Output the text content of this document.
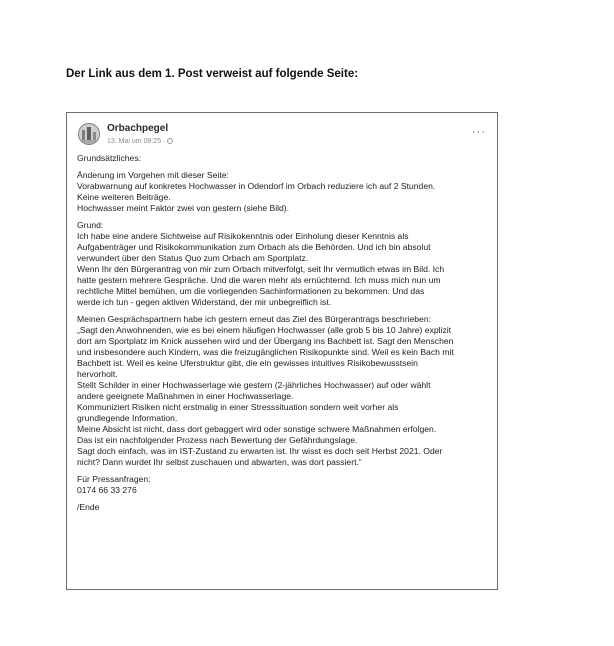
Der Link aus dem 1. Post verweist auf folgende Seite:
Orbachpegel
13. Mai um 08:25 ·
···

Grundsätzliches:

Änderung im Vorgehen mit dieser Seite:
Vorabwarnung auf konkretes Hochwasser in Odendorf im Orbach reduziere ich auf 2 Stunden.
Keine weiteren Beiträge.
Hochwasser meint Faktor zwei von gestern (siehe Bild).

Grund:
Ich habe eine andere Sichtweise auf Risikokenntnis oder Einholung dieser Kenntnis als
Aufgabenträger und Risikokommunikation zum Orbach als die Behörden. Und ich bin absolut
verwundert über den Status Quo zum Orbach am Sportplatz.
Wenn Ihr den Bürgerantrag von mir zum Orbach mitverfolgt, seit Ihr vermutlich etwas im Bild. Ich
hatte gestern mehrere Gespräche. Und die waren mehr als ernüchternd. Ich muss mich nun um
rechtliche Mittel bemühen, um die vorliegenden Sachinformationen zu bekommen. Und das
werde ich tun - gegen aktiven Widerstand, der mir unbegreiflich ist.

Meinen Gesprächspartnern habe ich gestern erneut das Ziel des Bürgerantrags beschrieben:
„Sagt den Anwohnenden, wie es bei einem häufigen Hochwasser (alle grob 5 bis 10 Jahre) explizit
dort am Sportplatz im Knick aussehen wird und der Übergang ins Bachbett ist. Sagt den Menschen
und insbesondere auch Kindern, was die freizugänglichen Risikopunkte sind. Weil es kein Bach mit
Bachbett ist. Weil es keine Uferstruktur gibt, die ein gewisses intuitives Risikobewusstsein
hervorholt.
Stellt Schilder in einer Hochwasserlage wie gestern (2-jährliches Hochwasser) auf oder wählt
andere geeignete Maßnahmen in einer Hochwasserlage.
Kommuniziert Risiken nicht erstmalig in einer Stresssituation sondern weit vorher als
grundlegende Information.
Meine Absicht ist nicht, dass dort gebaggert wird oder sonstige schwere Maßnahmen erfolgen.
Das ist ein nachfolgender Prozess nach Bewertung der Gefährdungslage.
Sagt doch einfach, was im IST-Zustand zu erwarten ist. Ihr wisst es doch seit Herbst 2021. Oder
nicht? Dann wurdet Ihr selbst zuschauen und abwarten, was dort passiert.“

Für Pressanfragen:
0174 66 33 276

/Ende
